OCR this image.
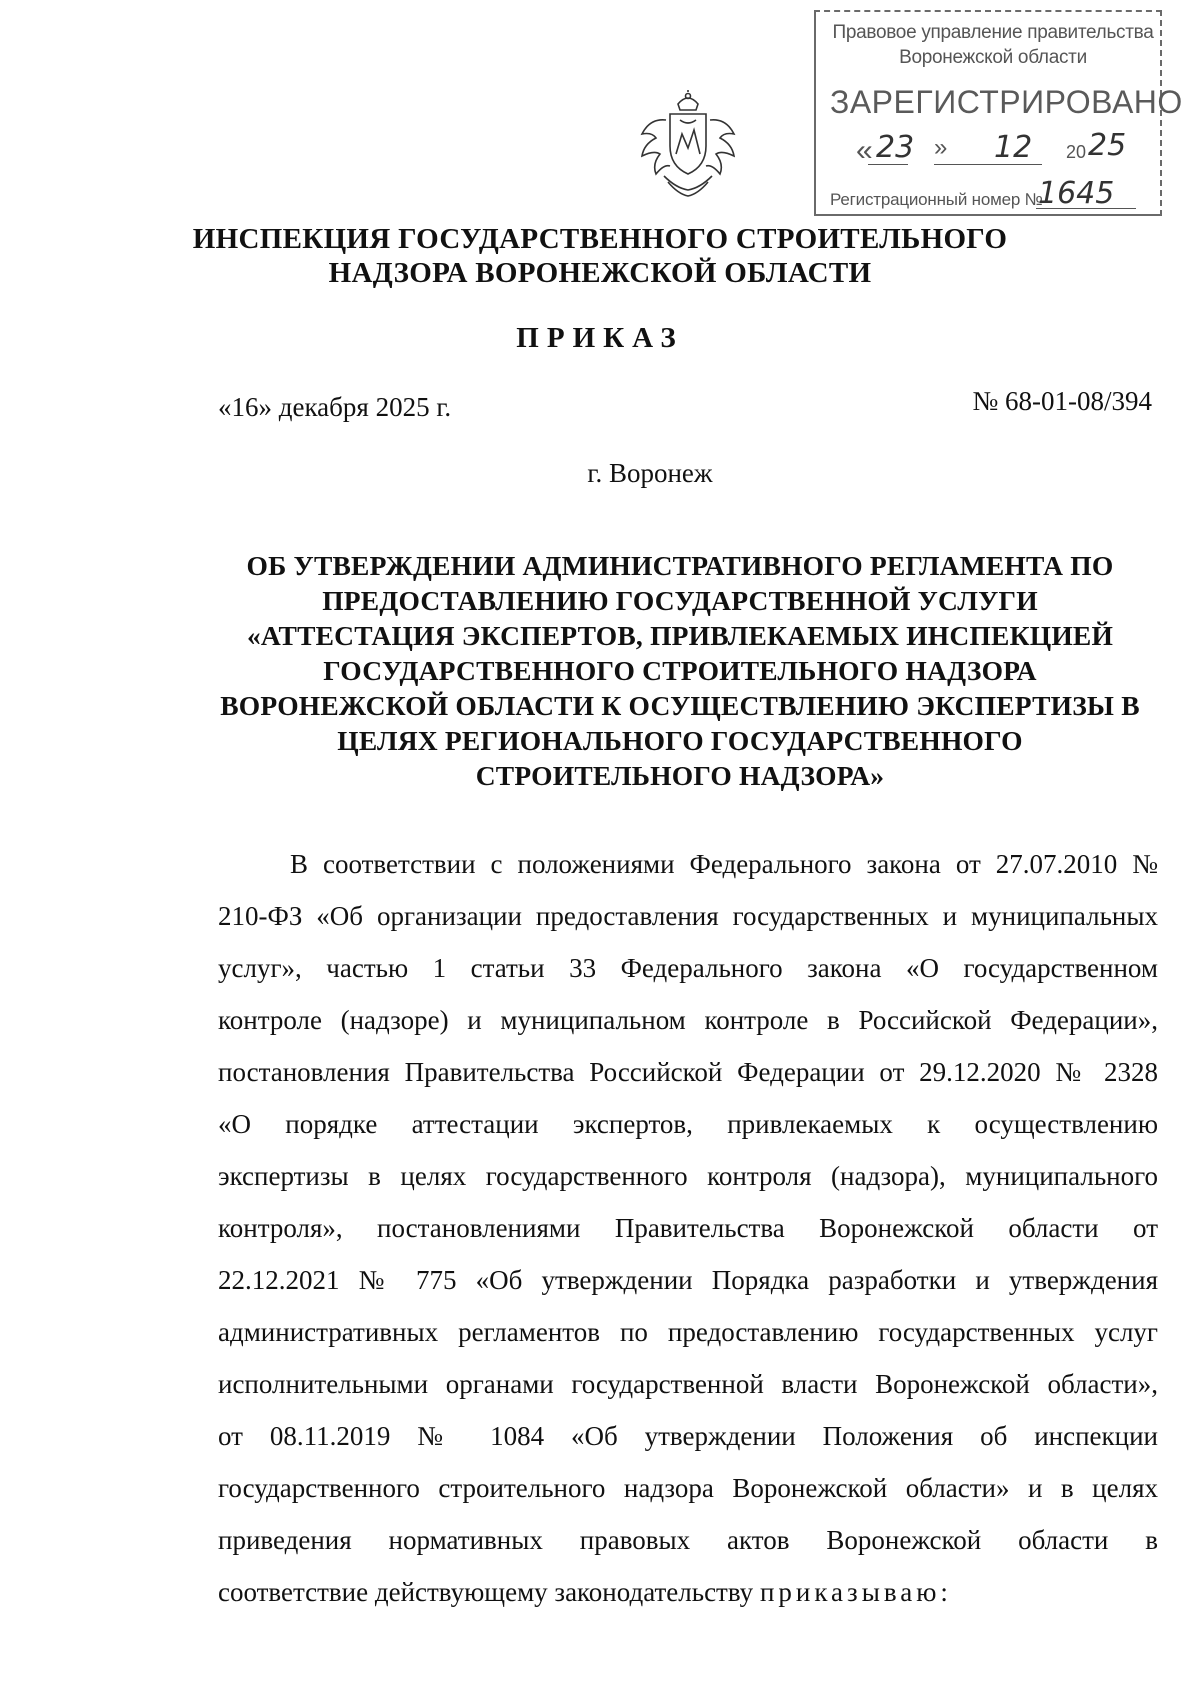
Правовое управление правительства
Воронежской области
ЗАРЕГИСТРИРОВАНО
« 23 » 12 20 25
Регистрационный номер №
1645
ИНСПЕКЦИЯ ГОСУДАРСТВЕННОГО СТРОИТЕЛЬНОГО
НАДЗОРА ВОРОНЕЖСКОЙ ОБЛАСТИ
ПРИКАЗ
«16» декабря 2025 г.	№ 68-01-08/394
г. Воронеж
ОБ УТВЕРЖДЕНИИ АДМИНИСТРАТИВНОГО РЕГЛАМЕНТА ПО
ПРЕДОСТАВЛЕНИЮ ГОСУДАРСТВЕННОЙ УСЛУГИ
«АТТЕСТАЦИЯ ЭКСПЕРТОВ, ПРИВЛЕКАЕМЫХ ИНСПЕКЦИЕЙ
ГОСУДАРСТВЕННОГО СТРОИТЕЛЬНОГО НАДЗОРА
ВОРОНЕЖСКОЙ ОБЛАСТИ К ОСУЩЕСТВЛЕНИЮ ЭКСПЕРТИЗЫ В
ЦЕЛЯХ РЕГИОНАЛЬНОГО ГОСУДАРСТВЕННОГО
СТРОИТЕЛЬНОГО НАДЗОРА»
В соответствии с положениями Федерального закона от 27.07.2010 №
210-ФЗ «Об организации предоставления государственных и муниципальных
услуг», частью 1 статьи 33 Федерального закона «О государственном
контроле (надзоре) и муниципальном контроле в Российской Федерации»,
постановления Правительства Российской Федерации от 29.12.2020 № 2328
«О порядке аттестации экспертов, привлекаемых к осуществлению
экспертизы в целях государственного контроля (надзора), муниципального
контроля», постановлениями Правительства Воронежской области от
22.12.2021 № 775 «Об утверждении Порядка разработки и утверждения
административных регламентов по предоставлению государственных услуг
исполнительными органами государственной власти Воронежской области»,
от 08.11.2019 № 1084 «Об утверждении Положения об инспекции
государственного строительного надзора Воронежской области» и в целях
приведения нормативных правовых актов Воронежской области в
соответствие действующему законодательству приказываю:
